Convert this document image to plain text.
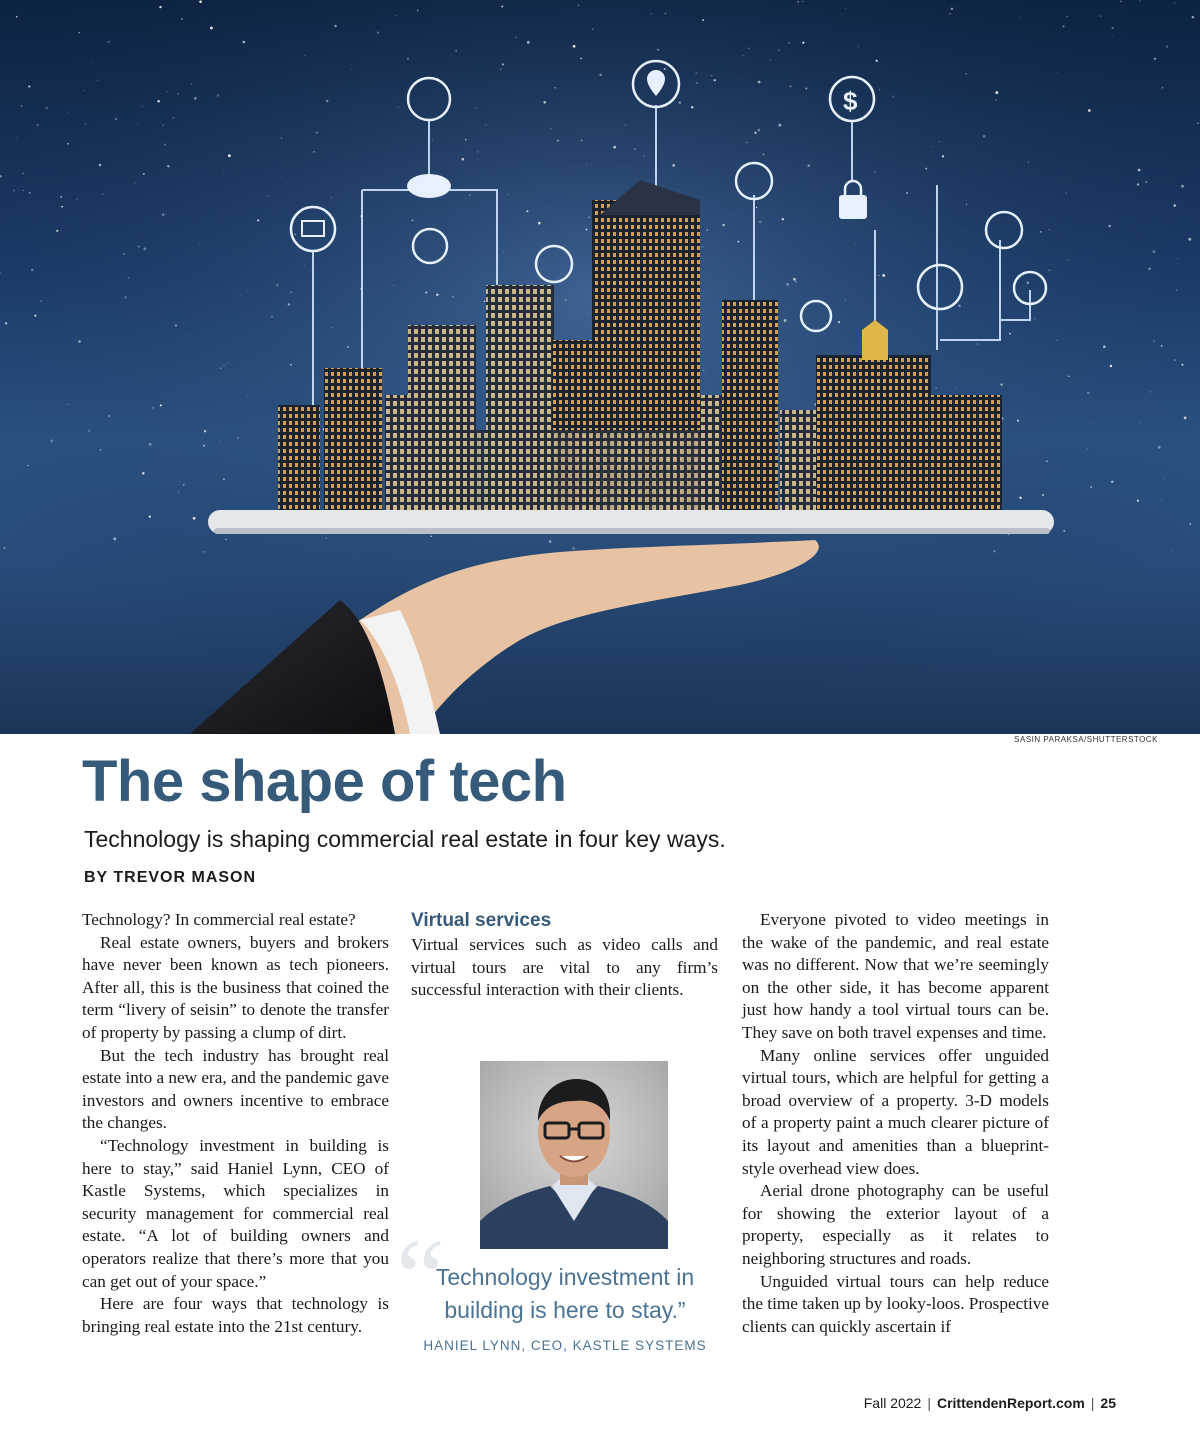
$
SASIN PARAKSA/SHUTTERSTOCK
The shape of tech

Technology is shaping commercial real estate in four key ways.

BY TREVOR MASON

Technology? In commercial real estate?

Real estate owners, buyers and brokers have never been known as tech pioneers. After all, this is the business that coined the term “livery of seisin” to denote the transfer of property by passing a clump of dirt.

But the tech industry has brought real estate into a new era, and the pandemic gave investors and owners incentive to embrace the changes.

“Technology investment in building is here to stay,” said Haniel Lynn, CEO of Kastle Systems, which specializes in security management for commercial real estate. “A lot of building owners and operators realize that there’s more that you can get out of your space.”

Here are four ways that technology is bringing real estate into the 21st century.

Virtual services

Virtual services such as video calls and virtual tours are vital to any firm’s successful interaction with their clients.

“

Technology investment in building is here to stay.”

HANIEL LYNN, CEO, KASTLE SYSTEMS

Everyone pivoted to video meetings in the wake of the pandemic, and real estate was no different. Now that we’re seemingly on the other side, it has become apparent just how handy a tool virtual tours can be. They save on both travel expenses and time.

Many online services offer unguided virtual tours, which are helpful for getting a broad overview of a property. 3-D models of a property paint a much clearer picture of its layout and amenities than a blueprint-style overhead view does.

Aerial drone photography can be useful for showing the exterior layout of a property, especially as it relates to neighboring structures and roads.

Unguided virtual tours can help reduce the time taken up by looky-loos. Prospective clients can quickly ascertain if

Fall 2022 | CrittendenReport.com | 25
